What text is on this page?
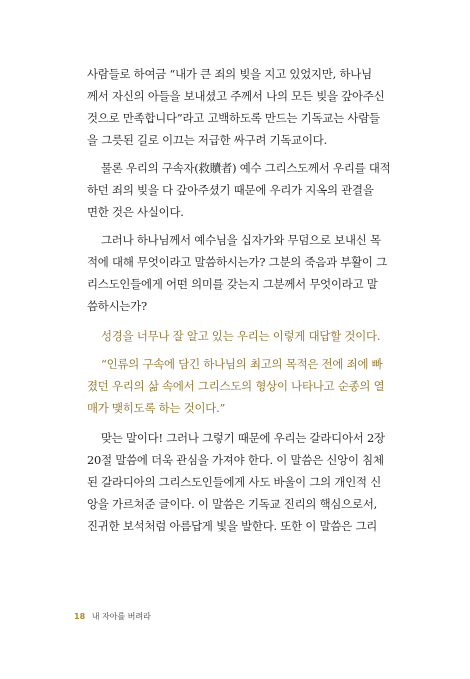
사람들로 하여금 “내가 큰 죄의 빚을 지고 있었지만, 하나님
께서 자신의 아들을 보내셨고 주께서 나의 모든 빚을 갚아주신
것으로 만족합니다”라고 고백하도록 만드는 기독교는 사람들
을 그릇된 길로 이끄는 저급한 싸구려 기독교이다.
물론 우리의 구속자(救贖者) 예수 그리스도께서 우리를 대적
하던 죄의 빚을 다 갚아주셨기 때문에 우리가 지옥의 관결을
면한 것은 사실이다.
그러나 하나님께서 예수님을 십자가와 무덤으로 보내신 목
적에 대해 무엇이라고 말씀하시는가? 그분의 죽음과 부활이 그
리스도인들에게 어떤 의미를 갖는지 그분께서 무엇이라고 말
씀하시는가?
성경을 너무나 잘 알고 있는 우리는 이렇게 대답할 것이다.
“인류의 구속에 담긴 하나님의 최고의 목적은 전에 죄에 빠
졌던 우리의 삶 속에서 그리스도의 형상이 나타나고 순종의 열
매가 맺히도록 하는 것이다.”
맞는 말이다! 그러나 그렇기 때문에 우리는 갈라디아서 2장
20절 말씀에 더욱 관심을 가져야 한다. 이 말씀은 신앙이 침체
된 갈라디아의 그리스도인들에게 사도 바울이 그의 개인적 신
앙을 가르쳐준 글이다. 이 말씀은 기독교 진리의 핵심으로서,
진귀한 보석처럼 아름답게 빛을 발한다. 또한 이 말씀은 그리
18 내 자아를 버려라
